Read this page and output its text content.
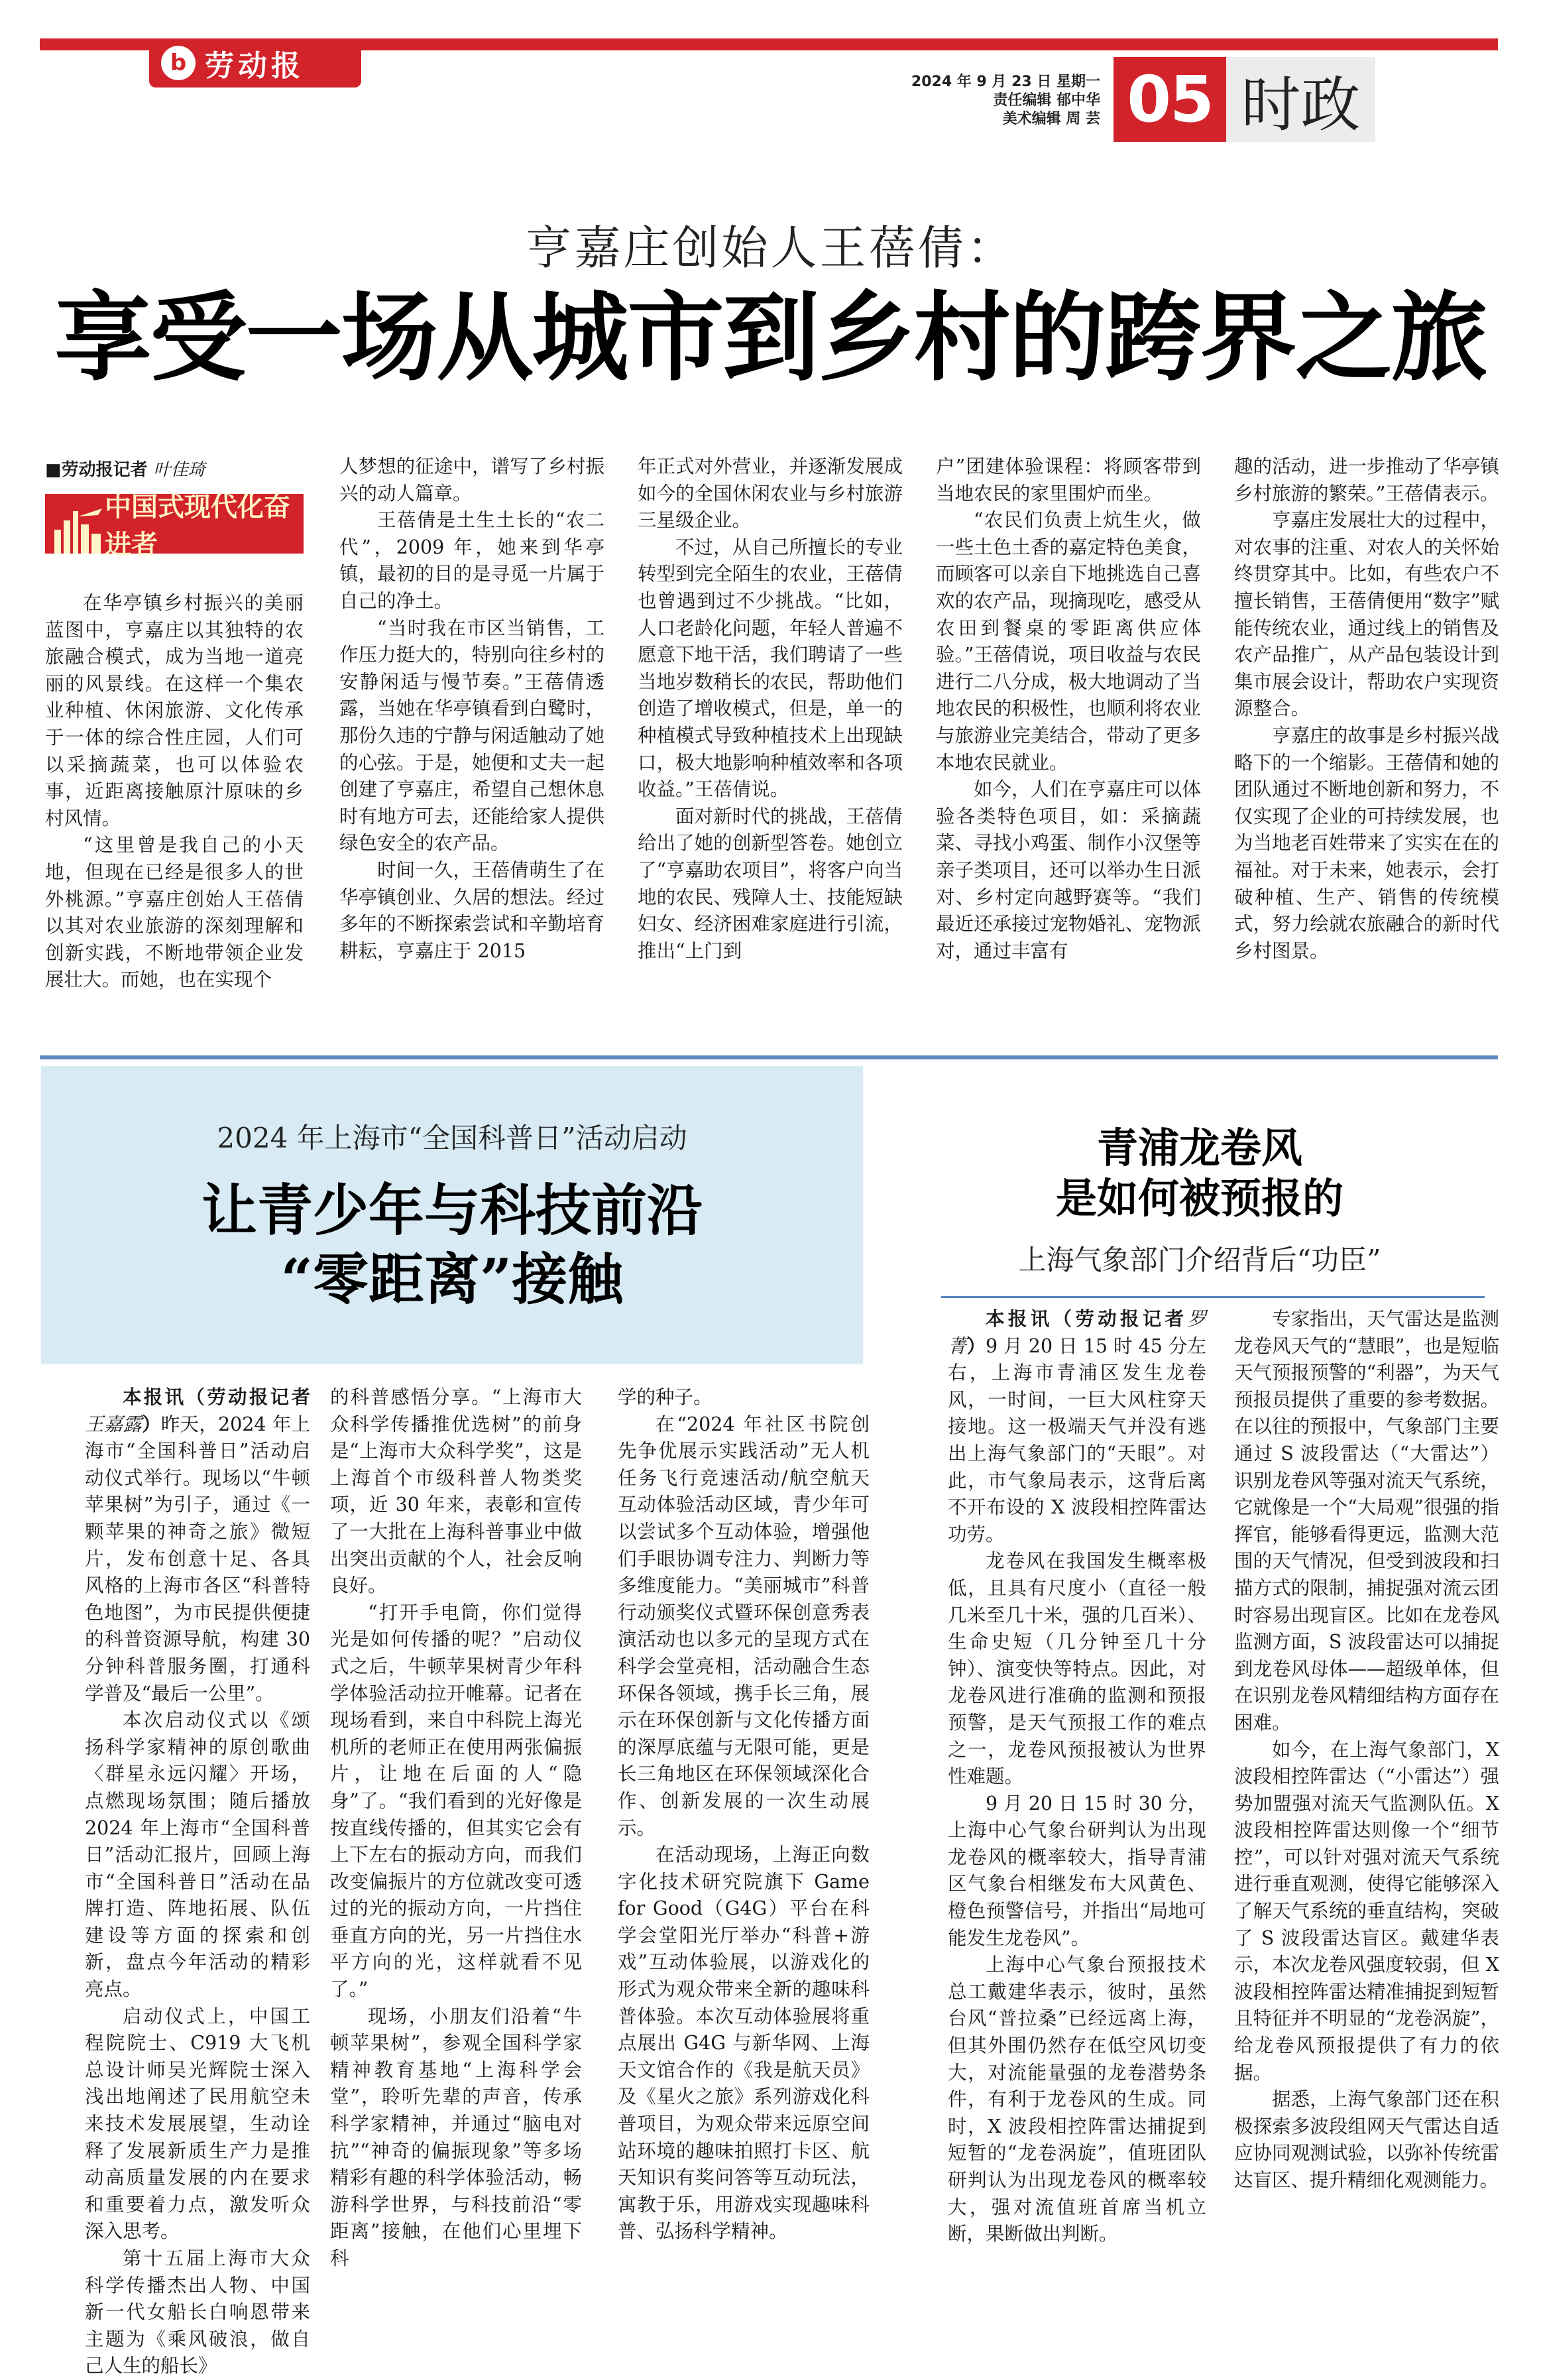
b 劳动报	2024 年 9 月 23 日 星期一
责任编辑 郁中华
美术编辑 周 芸 05 时政
亨嘉庄创始人王蓓倩：
享受一场从城市到乡村的跨界之旅
■劳动报记者 叶佳琦
中国式现代化奋进者

在华亭镇乡村振兴的美丽蓝图中，亨嘉庄以其独特的农旅融合模式，成为当地一道亮丽的风景线。在这样一个集农业种植、休闲旅游、文化传承于一体的综合性庄园，人们可以采摘蔬菜，也可以体验农事，近距离接触原汁原味的乡村风情。

“这里曾是我自己的小天地，但现在已经是很多人的世外桃源。”亨嘉庄创始人王蓓倩以其对农业旅游的深刻理解和创新实践，不断地带领企业发展壮大。而她，也在实现个

人梦想的征途中，谱写了乡村振兴的动人篇章。

王蓓倩是土生土长的“农二代”，2009 年，她来到华亭镇，最初的目的是寻觅一片属于自己的净土。

“当时我在市区当销售，工作压力挺大的，特别向往乡村的安静闲适与慢节奏。”王蓓倩透露，当她在华亭镇看到白鹭时，那份久违的宁静与闲适触动了她的心弦。于是，她便和丈夫一起创建了亨嘉庄，希望自己想休息时有地方可去，还能给家人提供绿色安全的农产品。

时间一久，王蓓倩萌生了在华亭镇创业、久居的想法。经过多年的不断探索尝试和辛勤培育耕耘，亨嘉庄于 2015

年正式对外营业，并逐渐发展成如今的全国休闲农业与乡村旅游三星级企业。

不过，从自己所擅长的专业转型到完全陌生的农业，王蓓倩也曾遇到过不少挑战。“比如，人口老龄化问题，年轻人普遍不愿意下地干活，我们聘请了一些当地岁数稍长的农民，帮助他们创造了增收模式，但是，单一的种植模式导致种植技术上出现缺口，极大地影响种植效率和各项收益。”王蓓倩说。

面对新时代的挑战，王蓓倩给出了她的创新型答卷。她创立了“亨嘉助农项目”，将客户向当地的农民、残障人士、技能短缺妇女、经济困难家庭进行引流，推出“上门到

户”团建体验课程：将顾客带到当地农民的家里围炉而坐。

“农民们负责上炕生火，做一些土色土香的嘉定特色美食，而顾客可以亲自下地挑选自己喜欢的农产品，现摘现吃，感受从农田到餐桌的零距离供应体验。”王蓓倩说，项目收益与农民进行二八分成，极大地调动了当地农民的积极性，也顺利将农业与旅游业完美结合，带动了更多本地农民就业。

如今，人们在亨嘉庄可以体验各类特色项目，如：采摘蔬菜、寻找小鸡蛋、制作小汉堡等亲子类项目，还可以举办生日派对、乡村定向越野赛等。“我们最近还承接过宠物婚礼、宠物派对，通过丰富有

趣的活动，进一步推动了华亭镇乡村旅游的繁荣。”王蓓倩表示。

亨嘉庄发展壮大的过程中，对农事的注重、对农人的关怀始终贯穿其中。比如，有些农户不擅长销售，王蓓倩便用“数字”赋能传统农业，通过线上的销售及农产品推广，从产品包装设计到集市展会设计，帮助农户实现资源整合。

亨嘉庄的故事是乡村振兴战略下的一个缩影。王蓓倩和她的团队通过不断地创新和努力，不仅实现了企业的可持续发展，也为当地老百姓带来了实实在在的福祉。对于未来，她表示，会打破种植、生产、销售的传统模式，努力绘就农旅融合的新时代乡村图景。

2024 年上海市“全国科普日”活动启动
让青少年与科技前沿
“零距离”接触

本报讯（劳动报记者王嘉露）昨天，2024 年上海市“全国科普日”活动启动仪式举行。现场以“牛顿苹果树”为引子，通过《一颗苹果的神奇之旅》微短片，发布创意十足、各具风格的上海市各区“科普特色地图”，为市民提供便捷的科普资源导航，构建 30 分钟科普服务圈，打通科学普及“最后一公里”。

本次启动仪式以《颂扬科学家精神的原创歌曲〈群星永远闪耀〉开场，点燃现场氛围；随后播放 2024 年上海市“全国科普日”活动汇报片，回顾上海市“全国科普日”活动在品牌打造、阵地拓展、队伍建设等方面的探索和创新，盘点今年活动的精彩亮点。

启动仪式上，中国工程院院士、C919 大飞机总设计师吴光辉院士深入浅出地阐述了民用航空未来技术发展展望，生动诠释了发展新质生产力是推动高质量发展的内在要求和重要着力点，激发听众深入思考。

第十五届上海市大众科学传播杰出人物、中国新一代女船长白响恩带来主题为《乘风破浪，做自己人生的船长》

的科普感悟分享。“上海市大众科学传播推优选树”的前身是“上海市大众科学奖”，这是上海首个市级科普人物类奖项，近 30 年来，表彰和宣传了一大批在上海科普事业中做出突出贡献的个人，社会反响良好。

“打开手电筒，你们觉得光是如何传播的呢？”启动仪式之后，牛顿苹果树青少年科学体验活动拉开帷幕。记者在现场看到，来自中科院上海光机所的老师正在使用两张偏振片，让地在后面的人“隐身”了。“我们看到的光好像是按直线传播的，但其实它会有上下左右的振动方向，而我们改变偏振片的方位就改变可透过的光的振动方向，一片挡住垂直方向的光，另一片挡住水平方向的光，这样就看不见了。”

现场，小朋友们沿着“牛顿苹果树”，参观全国科学家精神教育基地“上海科学会堂”，聆听先辈的声音，传承科学家精神，并通过“脑电对抗”“神奇的偏振现象”等多场精彩有趣的科学体验活动，畅游科学世界，与科技前沿“零距离”接触，在他们心里埋下科

学的种子。

在“2024 年社区书院创先争优展示实践活动”无人机任务飞行竞速活动/航空航天互动体验活动区域，青少年可以尝试多个互动体验，增强他们手眼协调专注力、判断力等多维度能力。“美丽城市”科普行动颁奖仪式暨环保创意秀表演活动也以多元的呈现方式在科学会堂亮相，活动融合生态环保各领域，携手长三角，展示在环保创新与文化传播方面的深厚底蕴与无限可能，更是长三角地区在环保领域深化合作、创新发展的一次生动展示。

在活动现场，上海正向数字化技术研究院旗下 Game for Good（G4G）平台在科学会堂阳光厅举办“科普+游戏”互动体验展，以游戏化的形式为观众带来全新的趣味科普体验。本次互动体验展将重点展出 G4G 与新华网、上海天文馆合作的《我是航天员》及《星火之旅》系列游戏化科普项目，为观众带来远原空间站环境的趣味拍照打卡区、航天知识有奖问答等互动玩法，寓教于乐，用游戏实现趣味科普、弘扬科学精神。

青浦龙卷风
是如何被预报的
上海气象部门介绍背后“功臣”

本报讯（劳动报记者罗菁）9 月 20 日 15 时 45 分左右，上海市青浦区发生龙卷风，一时间，一巨大风柱穿天接地。这一极端天气并没有逃出上海气象部门的“天眼”。对此，市气象局表示，这背后离不开布设的 X 波段相控阵雷达功劳。

龙卷风在我国发生概率极低，且具有尺度小（直径一般几米至几十米，强的几百米）、生命史短（几分钟至几十分钟）、演变快等特点。因此，对龙卷风进行准确的监测和预报预警，是天气预报工作的难点之一，龙卷风预报被认为世界性难题。

9 月 20 日 15 时 30 分，上海中心气象台研判认为出现龙卷风的概率较大，指导青浦区气象台相继发布大风黄色、橙色预警信号，并指出“局地可能发生龙卷风”。

上海中心气象台预报技术总工戴建华表示，彼时，虽然台风“普拉桑”已经远离上海，但其外围仍然存在低空风切变大，对流能量强的龙卷潜势条件，有利于龙卷风的生成。同时，X 波段相控阵雷达捕捉到短暂的“龙卷涡旋”，值班团队研判认为出现龙卷风的概率较大，强对流值班首席当机立断，果断做出判断。

专家指出，天气雷达是监测龙卷风天气的“慧眼”，也是短临天气预报预警的“利器”，为天气预报员提供了重要的参考数据。在以往的预报中，气象部门主要通过 S 波段雷达（“大雷达”）识别龙卷风等强对流天气系统，它就像是一个“大局观”很强的指挥官，能够看得更远，监测大范围的天气情况，但受到波段和扫描方式的限制，捕捉强对流云团时容易出现盲区。比如在龙卷风监测方面，S 波段雷达可以捕捉到龙卷风母体——超级单体，但在识别龙卷风精细结构方面存在困难。

如今，在上海气象部门，X 波段相控阵雷达（“小雷达”）强势加盟强对流天气监测队伍。X 波段相控阵雷达则像一个“细节控”，可以针对强对流天气系统进行垂直观测，使得它能够深入了解天气系统的垂直结构，突破了 S 波段雷达盲区。戴建华表示，本次龙卷风强度较弱，但 X 波段相控阵雷达精准捕捉到短暂且特征并不明显的“龙卷涡旋”，给龙卷风预报提供了有力的依据。

据悉，上海气象部门还在积极探索多波段组网天气雷达自适应协同观测试验，以弥补传统雷达盲区、提升精细化观测能力。
